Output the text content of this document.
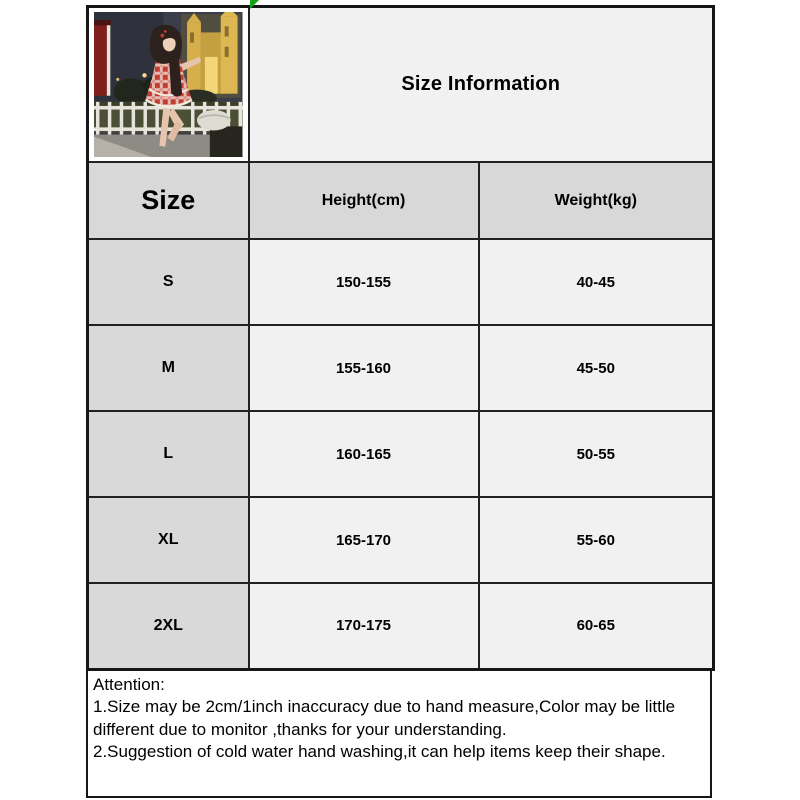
	Size Information	
Size	Height(cm)	Weight(kg)
S	150-155	40-45
M	155-160	45-50
L	160-165	50-55
XL	165-170	55-60
2XL	170-175	60-65
Attention:
1.Size may be 2cm/1inch inaccuracy due to hand measure,Color may be little different due to monitor ,thanks for your understanding.
2.Suggestion of cold water hand washing,it can help items keep their shape.
